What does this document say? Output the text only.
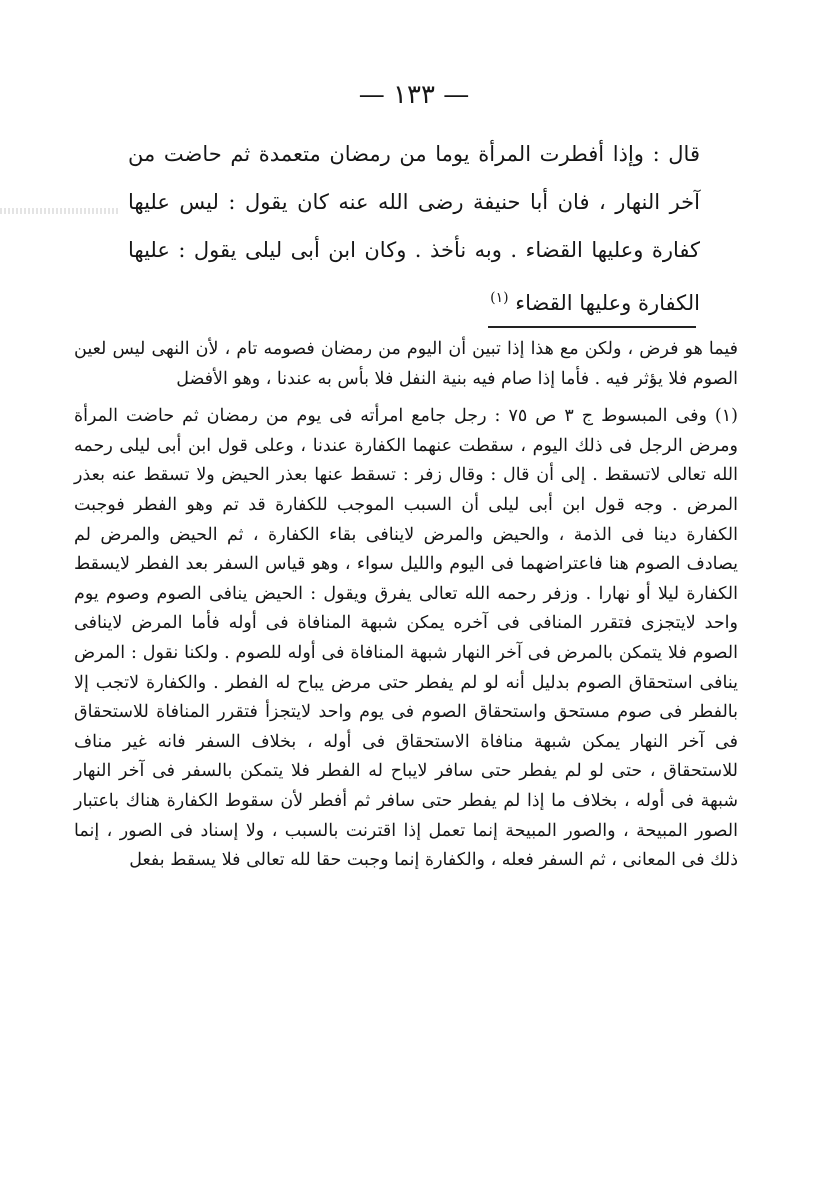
— ١٣٣ —

قال : وإذا أفطرت المرأة يوما من رمضان متعمدة ثم حاضت من آخر النهار ، فان أبا حنيفة رضى الله عنه كان يقول : ليس عليها كفارة وعليها القضاء . وبه نأخذ . وكان ابن أبى ليلى يقول : عليها الكفارة وعليها القضاء $^{(١)}$

فيما هو فرض ، ولكن مع هذا إذا تبين أن اليوم من رمضان فصومه تام ، لأن النهى ليس لعين الصوم فلا يؤثر فيه . فأما إذا صام فيه بنية النفل فلا بأس به عندنا ، وهو الأفضل

(١) وفى المبسوط ج ٣ ص ٧٥ : رجل جامع امرأته فى يوم من رمضان ثم حاضت المرأة ومرض الرجل فى ذلك اليوم ، سقطت عنهما الكفارة عندنا ، وعلى قول ابن أبى ليلى رحمه الله تعالى لاتسقط . إلى أن قال : وقال زفر : تسقط عنها بعذر الحيض ولا تسقط عنه بعذر المرض . وجه قول ابن أبى ليلى أن السبب الموجب للكفارة قد تم وهو الفطر فوجبت الكفارة دينا فى الذمة ، والحيض والمرض لاينافى بقاء الكفارة ، ثم الحيض والمرض لم يصادف الصوم هنا فاعتراضهما فى اليوم والليل سواء ، وهو قياس السفر بعد الفطر لايسقط الكفارة ليلا أو نهارا . وزفر رحمه الله تعالى يفرق ويقول : الحيض ينافى الصوم وصوم يوم واحد لايتجزى فتقرر المنافى فى آخره يمكن شبهة المنافاة فى أوله فأما المرض لاينافى الصوم فلا يتمكن بالمرض فى آخر النهار شبهة المنافاة فى أوله للصوم . ولكنا نقول : المرض ينافى استحقاق الصوم بدليل أنه لو لم يفطر حتى مرض يباح له الفطر . والكفارة لاتجب إلا بالفطر فى صوم مستحق واستحقاق الصوم فى يوم واحد لايتجزأ فتقرر المنافاة للاستحقاق فى آخر النهار يمكن شبهة منافاة الاستحقاق فى أوله ، بخلاف السفر فانه غير مناف للاستحقاق ، حتى لو لم يفطر حتى سافر لايباح له الفطر فلا يتمكن بالسفر فى آخر النهار شبهة فى أوله ، بخلاف ما إذا لم يفطر حتى سافر ثم أفطر لأن سقوط الكفارة هناك باعتبار الصور المبيحة ، والصور المبيحة إنما تعمل إذا اقترنت بالسبب ، ولا إسناد فى الصور ، إنما ذلك فى المعانى ، ثم السفر فعله ، والكفارة إنما وجبت حقا لله تعالى فلا يسقط بفعل
